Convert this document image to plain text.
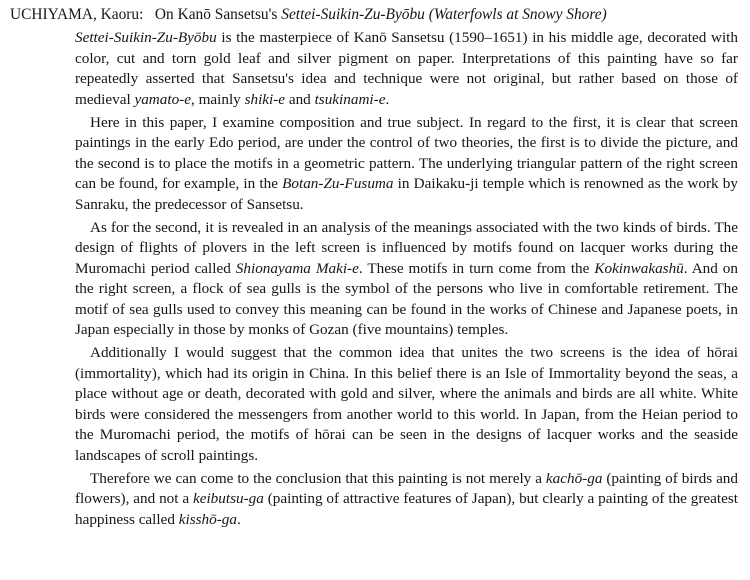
UCHIYAMA, Kaoru: On Kanō Sansetsu's Settei-Suikin-Zu-Byōbu (Waterfowls at Snowy Shore)

Settei-Suikin-Zu-Byōbu is the masterpiece of Kanō Sansetsu (1590–1651) in his middle age, decorated with color, cut and torn gold leaf and silver pigment on paper. Interpretations of this painting have so far repeatedly asserted that Sansetsu's idea and technique were not original, but rather based on those of medieval yamato-e, mainly shiki-e and tsukinami-e.

Here in this paper, I examine composition and true subject. In regard to the first, it is clear that screen paintings in the early Edo period, are under the control of two theories, the first is to divide the picture, and the second is to place the motifs in a geometric pattern. The underlying triangular pattern of the right screen can be found, for example, in the Botan-Zu-Fusuma in Daikaku-ji temple which is renowned as the work by Sanraku, the predecessor of Sansetsu.

As for the second, it is revealed in an analysis of the meanings associated with the two kinds of birds. The design of flights of plovers in the left screen is influenced by motifs found on lacquer works during the Muromachi period called Shionayama Maki-e. These motifs in turn come from the Kokinwakashū. And on the right screen, a flock of sea gulls is the symbol of the persons who live in comfortable retirement. The motif of sea gulls used to convey this meaning can be found in the works of Chinese and Japanese poets, in Japan especially in those by monks of Gozan (five mountains) temples.

Additionally I would suggest that the common idea that unites the two screens is the idea of hōrai (immortality), which had its origin in China. In this belief there is an Isle of Immortality beyond the seas, a place without age or death, decorated with gold and silver, where the animals and birds are all white. White birds were considered the messengers from another world to this world. In Japan, from the Heian period to the Muromachi period, the motifs of hōrai can be seen in the designs of lacquer works and the seaside landscapes of scroll paintings.

Therefore we can come to the conclusion that this painting is not merely a kachō-ga (painting of birds and flowers), and not a keibutsu-ga (painting of attractive features of Japan), but clearly a painting of the greatest happiness called kisshō-ga.
